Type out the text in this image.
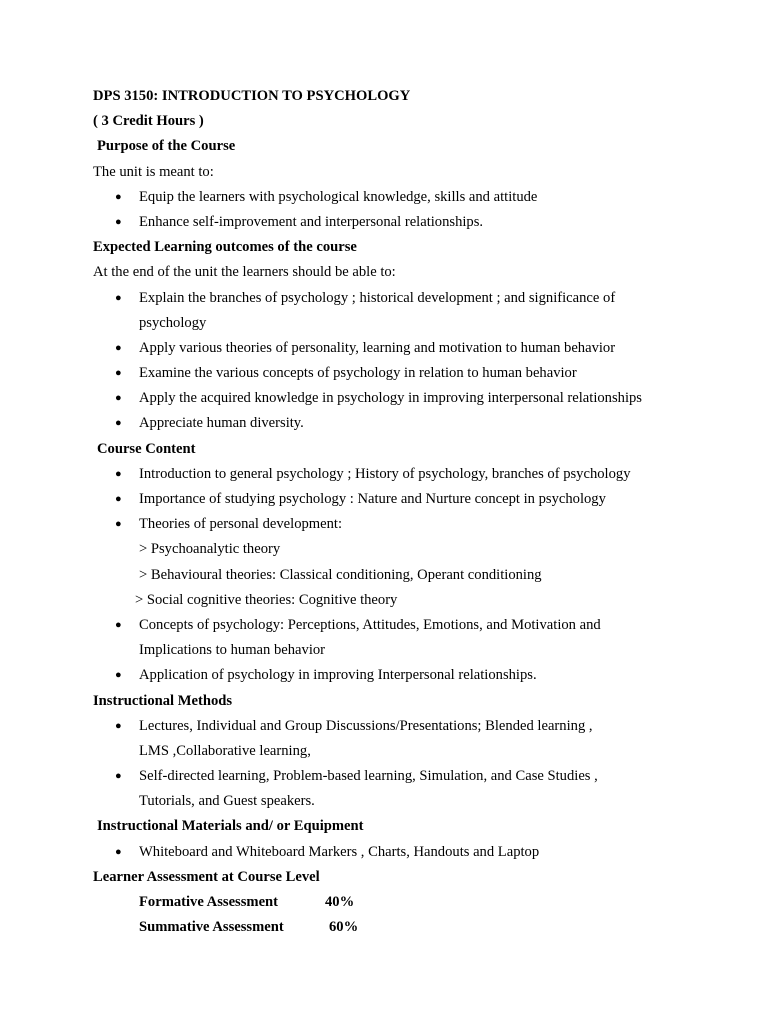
DPS 3150: INTRODUCTION TO PSYCHOLOGY
( 3 Credit Hours )
Purpose of the Course
The unit is meant to:
● Equip the learners with psychological knowledge, skills and attitude
● Enhance self-improvement and interpersonal relationships.
Expected Learning outcomes of the course
At the end of the unit the learners should be able to:
● Explain the branches of psychology ; historical development ; and significance of
psychology
● Apply various theories of personality, learning and motivation to human behavior
● Examine the various concepts of psychology in relation to human behavior
● Apply the acquired knowledge in psychology in improving interpersonal relationships
● Appreciate human diversity.
Course Content
● Introduction to general psychology ; History of psychology, branches of psychology
● Importance of studying psychology : Nature and Nurture concept in psychology
● Theories of personal development:
> Psychoanalytic theory
> Behavioural theories: Classical conditioning, Operant conditioning
> Social cognitive theories: Cognitive theory
● Concepts of psychology: Perceptions, Attitudes, Emotions, and Motivation and
Implications to human behavior
● Application of psychology in improving Interpersonal relationships.
Instructional Methods
● Lectures, Individual and Group Discussions/Presentations; Blended learning ,
LMS ,Collaborative learning,
● Self-directed learning, Problem-based learning, Simulation, and Case Studies ,
Tutorials, and Guest speakers.
Instructional Materials and/ or Equipment
● Whiteboard and Whiteboard Markers , Charts, Handouts and Laptop
Learner Assessment at Course Level
Formative Assessment	40%
Summative Assessment	60%
